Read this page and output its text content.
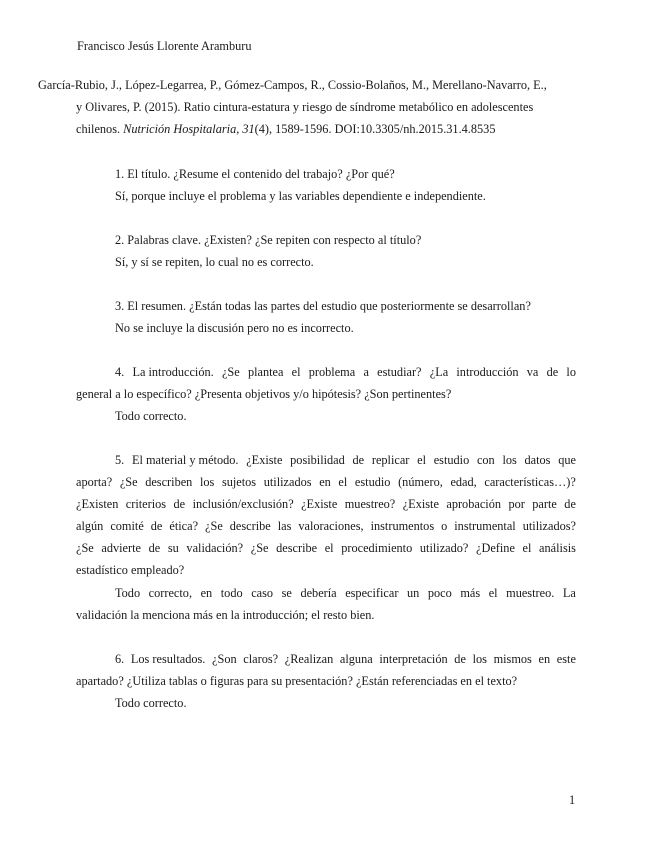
Francisco Jesús Llorente Aramburu
García-Rubio, J., López-Legarrea, P., Gómez-Campos, R., Cossio-Bolaños, M., Merellano-Navarro, E.,
y Olivares, P. (2015). Ratio cintura-estatura y riesgo de síndrome metabólico en adolescentes
chilenos. Nutrición Hospitalaria, 31(4), 1589-1596. DOI:10.3305/nh.2015.31.4.8535
1. El título. ¿Resume el contenido del trabajo? ¿Por qué?
Sí, porque incluye el problema y las variables dependiente e independiente.
2. Palabras clave. ¿Existen? ¿Se repiten con respecto al título?
Sí, y sí se repiten, lo cual no es correcto.
3. El resumen. ¿Están todas las partes del estudio que posteriormente se desarrollan?
No se incluye la discusión pero no es incorrecto.
4. La introducción. ¿Se plantea el problema a estudiar? ¿La introducción va de lo
general a lo específico? ¿Presenta objetivos y/o hipótesis? ¿Son pertinentes?
Todo correcto.
5. El material y método. ¿Existe posibilidad de replicar el estudio con los datos que
aporta? ¿Se describen los sujetos utilizados en el estudio (número, edad, características…)?
¿Existen criterios de inclusión/exclusión? ¿Existe muestreo? ¿Existe aprobación por parte de
algún comité de ética? ¿Se describe las valoraciones, instrumentos o instrumental utilizados?
¿Se advierte de su validación? ¿Se describe el procedimiento utilizado? ¿Define el análisis
estadístico empleado?
Todo correcto, en todo caso se debería especificar un poco más el muestreo. La
validación la menciona más en la introducción; el resto bien.
6. Los resultados. ¿Son claros? ¿Realizan alguna interpretación de los mismos en este
apartado? ¿Utiliza tablas o figuras para su presentación? ¿Están referenciadas en el texto?
Todo correcto.
1
